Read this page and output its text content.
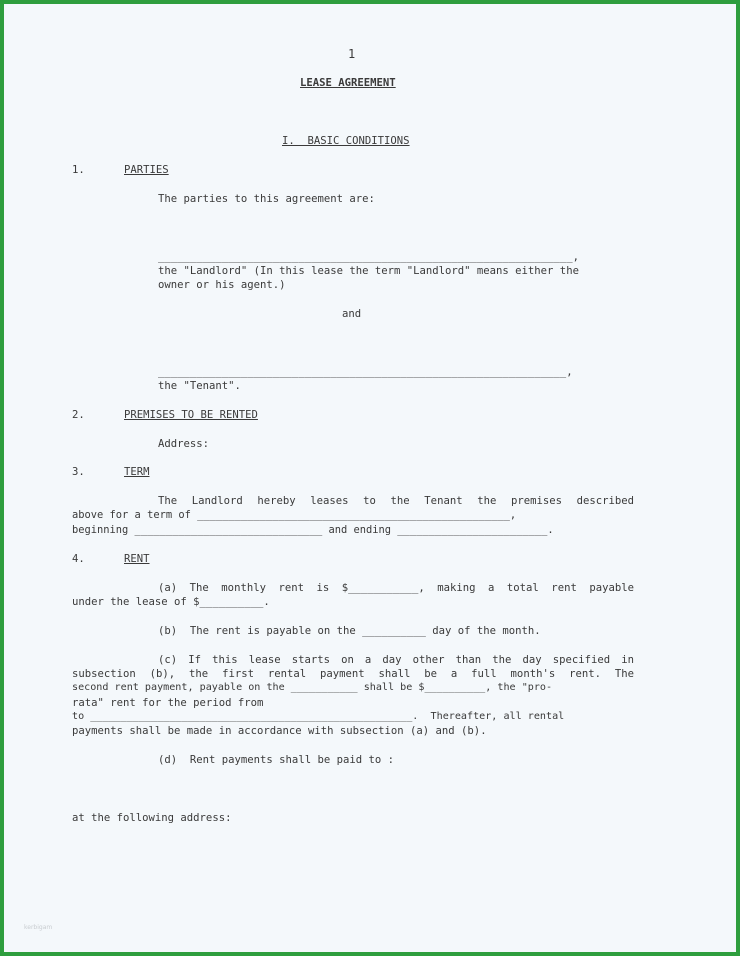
1
LEASE AGREEMENT
I.  BASIC CONDITIONS
1.	PARTIES
The parties to this agreement are:
_________________________________________________________________,
the "Landlord" (In this lease the term "Landlord" means either the
owner or his agent.)
and
________________________________________________________________,
the "Tenant".
2.	PREMISES TO BE RENTED
Address:
3.	TERM
The Landlord hereby leases to the Tenant the premises described
above for a term of __________________________________________________,
beginning ______________________________ and ending ________________________.
4.	RENT
(a) The monthly rent is $___________, making a total rent payable
under the lease of $__________.
(b)  The rent is payable on the __________ day of the month.
(c) If this lease starts on a day other than the day specified in
subsection (b), the first rental payment shall be a full month's rent. The
second rent payment, payable on the ___________ shall be $__________, the "pro-
rata" rent for the period from
to _____________________________________________________.  Thereafter, all rental
payments shall be made in accordance with subsection (a) and (b).
(d)  Rent payments shall be paid to :
at the following address:
kerbigam
